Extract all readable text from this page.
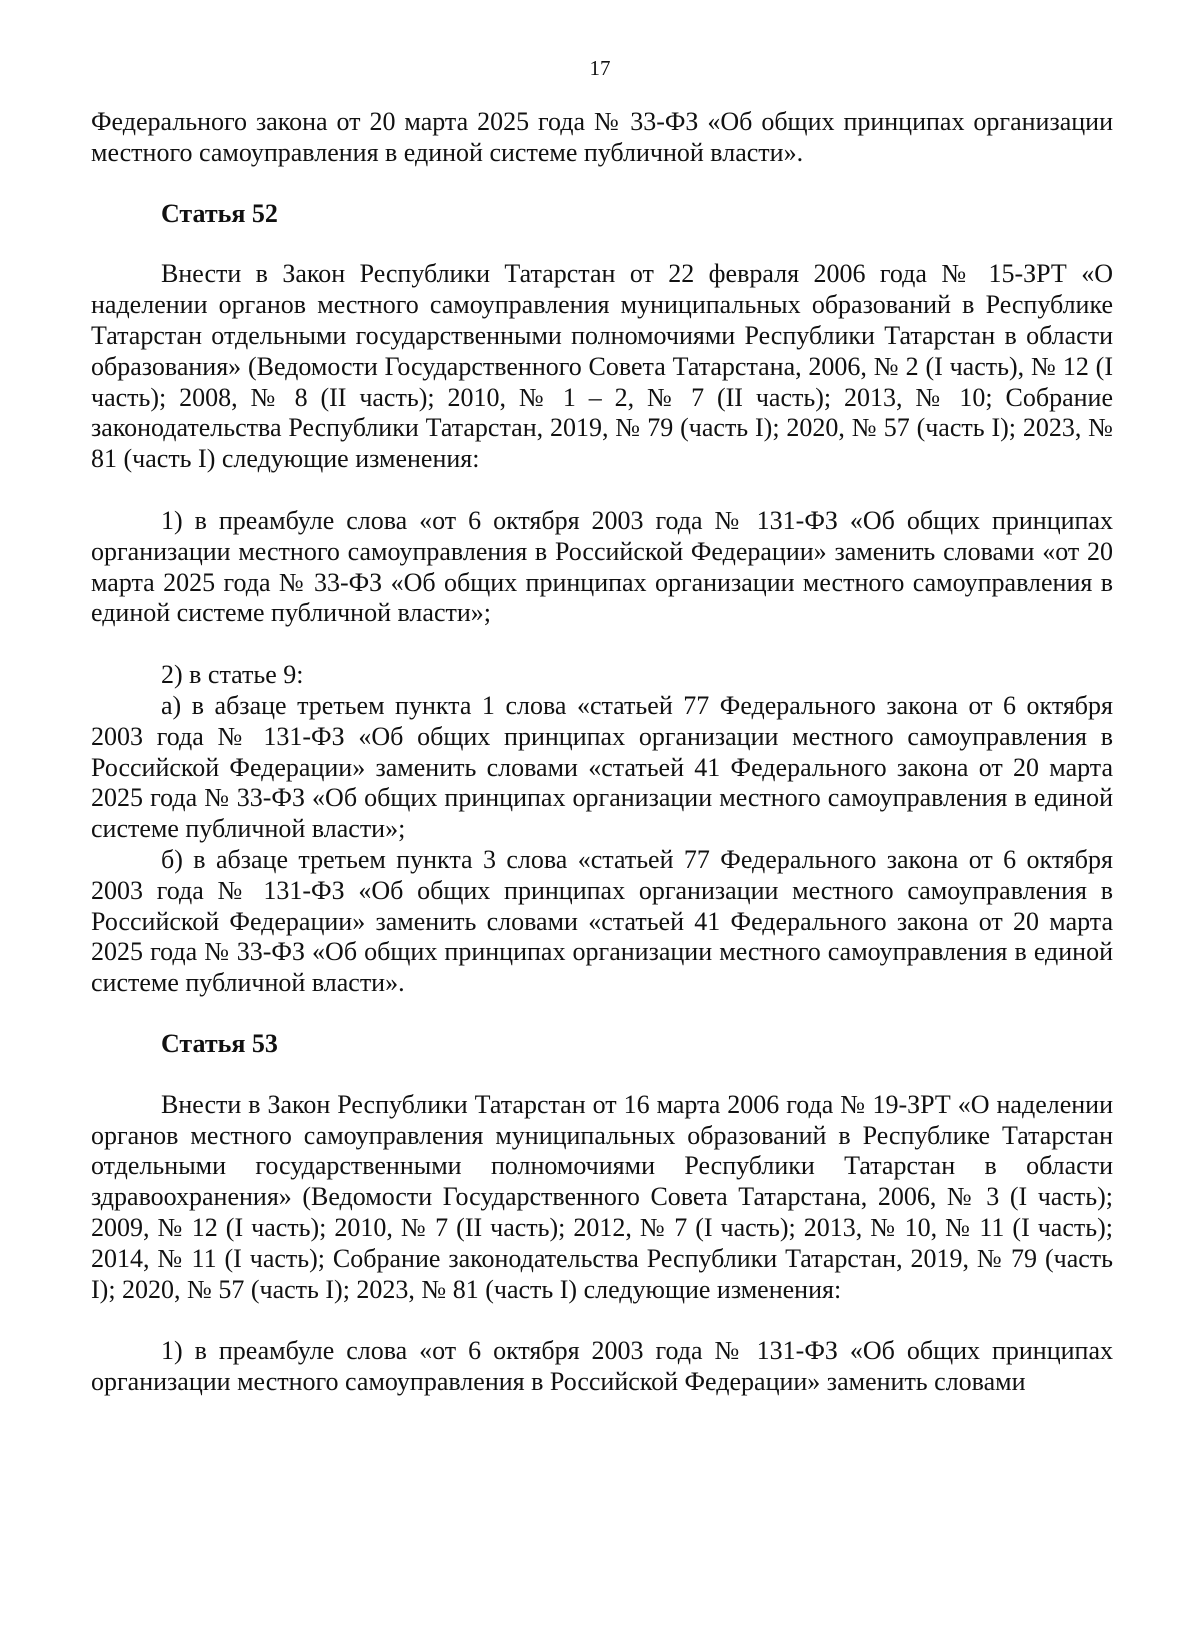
17

Федерального закона от 20 марта 2025 года № 33-ФЗ «Об общих принципах организации местного самоуправления в единой системе публичной власти».

Статья 52

Внести в Закон Республики Татарстан от 22 февраля 2006 года № 15-ЗРТ «О наделении органов местного самоуправления муниципальных образований в Республике Татарстан отдельными государственными полномочиями Республики Татарстан в области образования» (Ведомости Государственного Совета Татарстана, 2006, № 2 (I часть), № 12 (I часть); 2008, № 8 (II часть); 2010, № 1 – 2, № 7 (II часть); 2013, № 10; Собрание законодательства Республики Татарстан, 2019, № 79 (часть I); 2020, № 57 (часть I); 2023, № 81 (часть I) следующие изменения:

1) в преамбуле слова «от 6 октября 2003 года № 131-ФЗ «Об общих принципах организации местного самоуправления в Российской Федерации» заменить словами «от 20 марта 2025 года № 33-ФЗ «Об общих принципах организации местного самоуправления в единой системе публичной власти»;

2) в статье 9:

а) в абзаце третьем пункта 1 слова «статьей 77 Федерального закона от 6 октября 2003 года № 131-ФЗ «Об общих принципах организации местного самоуправления в Российской Федерации» заменить словами «статьей 41 Федерального закона от 20 марта 2025 года № 33-ФЗ «Об общих принципах организации местного самоуправления в единой системе публичной власти»;

б) в абзаце третьем пункта 3 слова «статьей 77 Федерального закона от 6 октября 2003 года № 131-ФЗ «Об общих принципах организации местного самоуправления в Российской Федерации» заменить словами «статьей 41 Федерального закона от 20 марта 2025 года № 33-ФЗ «Об общих принципах организации местного самоуправления в единой системе публичной власти».

Статья 53

Внести в Закон Республики Татарстан от 16 марта 2006 года № 19-ЗРТ «О наделении органов местного самоуправления муниципальных образований в Республике Татарстан отдельными государственными полномочиями Республики Татарстан в области здравоохранения» (Ведомости Государственного Совета Татарстана, 2006, № 3 (I часть); 2009, № 12 (I часть); 2010, № 7 (II часть); 2012, № 7 (I часть); 2013, № 10, № 11 (I часть); 2014, № 11 (I часть); Собрание законодательства Республики Татарстан, 2019, № 79 (часть I); 2020, № 57 (часть I); 2023, № 81 (часть I) следующие изменения:

1) в преамбуле слова «от 6 октября 2003 года № 131-ФЗ «Об общих принципах организации местного самоуправления в Российской Федерации» заменить словами
